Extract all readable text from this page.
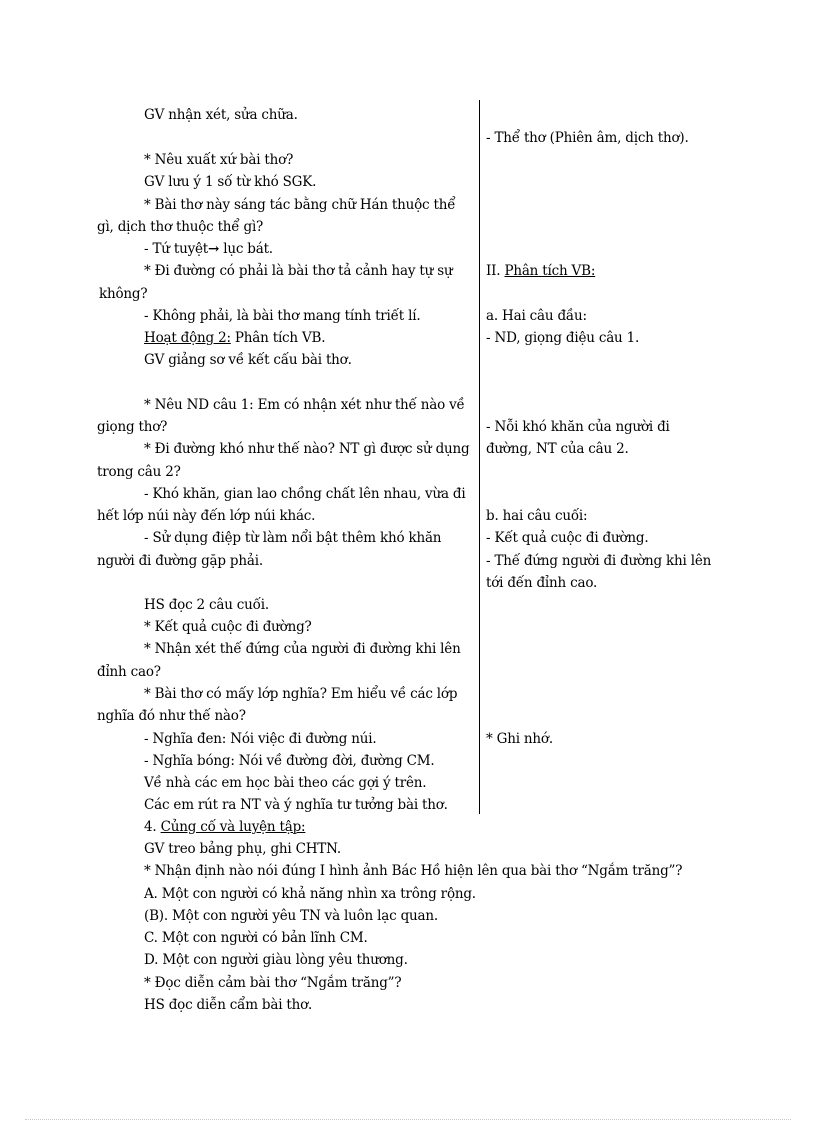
GV nhận xét, sửa chữa.
* Nêu xuất xứ bài thơ?
GV lưu ý 1 số từ khó SGK.
* Bài thơ này sáng tác bằng chữ Hán thuộc thể
gì, dịch thơ thuộc thể gì?
- Tứ tuyệt→ lục bát.
* Đi đường có phải là bài thơ tả cảnh hay tự sự
không?
- Không phải, là bài thơ mang tính triết lí.
Hoạt động 2: Phân tích VB.
GV giảng sơ về kết cấu bài thơ.
* Nêu ND câu 1: Em có nhận xét như thế nào về
giọng thơ?
* Đi đường khó như thế nào? NT gì được sử dụng
trong câu 2?
- Khó khăn, gian lao chồng chất lên nhau, vừa đi
hết lớp núi này đến lớp núi khác.
- Sử dụng điệp từ làm nổi bật thêm khó khăn
người đi đường gặp phải.
HS đọc 2 câu cuối.
* Kết quả cuộc đi đường?
* Nhận xét thế đứng của người đi đường khi lên
đỉnh cao?
* Bài thơ có mấy lớp nghĩa? Em hiểu về các lớp
nghĩa đó như thế nào?
- Nghĩa đen: Nói việc đi đường núi.
- Nghĩa bóng: Nói về đường đời, đường CM.
Về nhà các em học bài theo các gợi ý trên.
Các em rút ra NT và ý nghĩa tư tưởng bài thơ.
- Thể thơ (Phiên âm, dịch thơ).
II. Phân tích VB:
a. Hai câu đầu:
- ND, giọng điệu câu 1.
- Nỗi khó khăn của người đi
đường, NT của câu 2.
b. hai câu cuối:
- Kết quả cuộc đi đường.
- Thế đứng người đi đường khi lên
tới đến đỉnh cao.
* Ghi nhớ.
4. Củng cố và luyện tập:
GV treo bảng phụ, ghi CHTN.
* Nhận định nào nói đúng I hình ảnh Bác Hồ hiện lên qua bài thơ “Ngắm trăng”?
A. Một con người có khả năng nhìn xa trông rộng.
(B). Một con người yêu TN và luôn lạc quan.
C. Một con người có bản lĩnh CM.
D. Một con người giàu lòng yêu thương.
* Đọc diễn cảm bài thơ “Ngắm trăng”?
HS đọc diễn cẩm bài thơ.
